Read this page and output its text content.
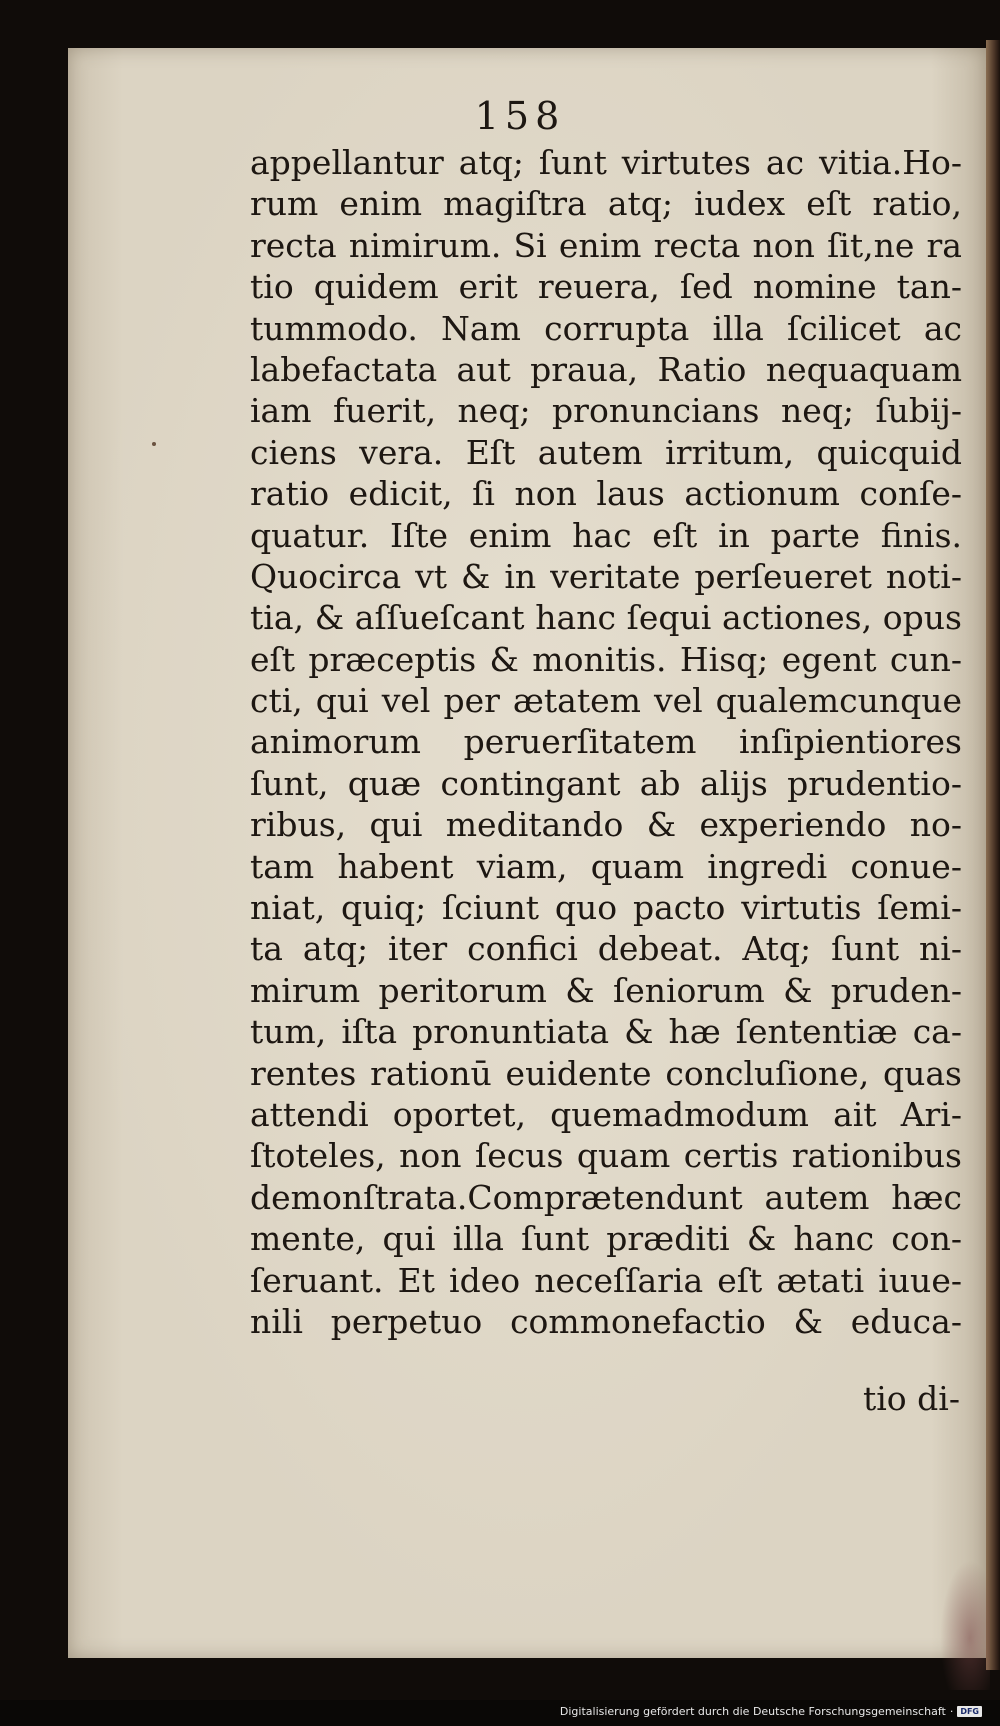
158
appellantur atq; ſunt virtutes ac vitia.Ho-
rum enim magiſtra atq; iudex eſt ratio,
recta nimirum. Si enim recta non ſit,ne ra
tio quidem erit reuera, ſed nomine tan-
tummodo. Nam corrupta illa ſcilicet ac
labefactata aut praua, Ratio nequaquam
iam fuerit, neq; pronuncians neq; ſubij-
ciens vera. Eſt autem irritum, quicquid
ratio edicit, ſi non laus actionum conſe-
quatur. Iſte enim hac eſt in parte finis.
Quocirca vt & in veritate perſeueret noti-
tia, & aſſueſcant hanc ſequi actiones, opus
eſt præceptis & monitis. Hisq; egent cun-
cti, qui vel per ætatem vel qualemcunque
animorum peruerſitatem inſipientiores
ſunt, quæ contingant ab alijs prudentio-
ribus, qui meditando & experiendo no-
tam habent viam, quam ingredi conue-
niat, quiq; ſciunt quo pacto virtutis ſemi-
ta atq; iter confici debeat. Atq; ſunt ni-
mirum peritorum & ſeniorum & pruden-
tum, iſta pronuntiata & hæ ſententiæ ca-
rentes rationū euidente concluſione, quas
attendi oportet, quemadmodum ait Ari-
ſtoteles, non ſecus quam certis rationibus
demonſtrata.Comprætendunt autem hæc
mente, qui illa ſunt præditi & hanc con-
ſeruant. Et ideo neceſſaria eſt ætati iuue-
nili perpetuo commonefactio & educa-
tio di-
Digitalisierung gefördert durch die Deutsche Forschungsgemeinschaft · DFG
